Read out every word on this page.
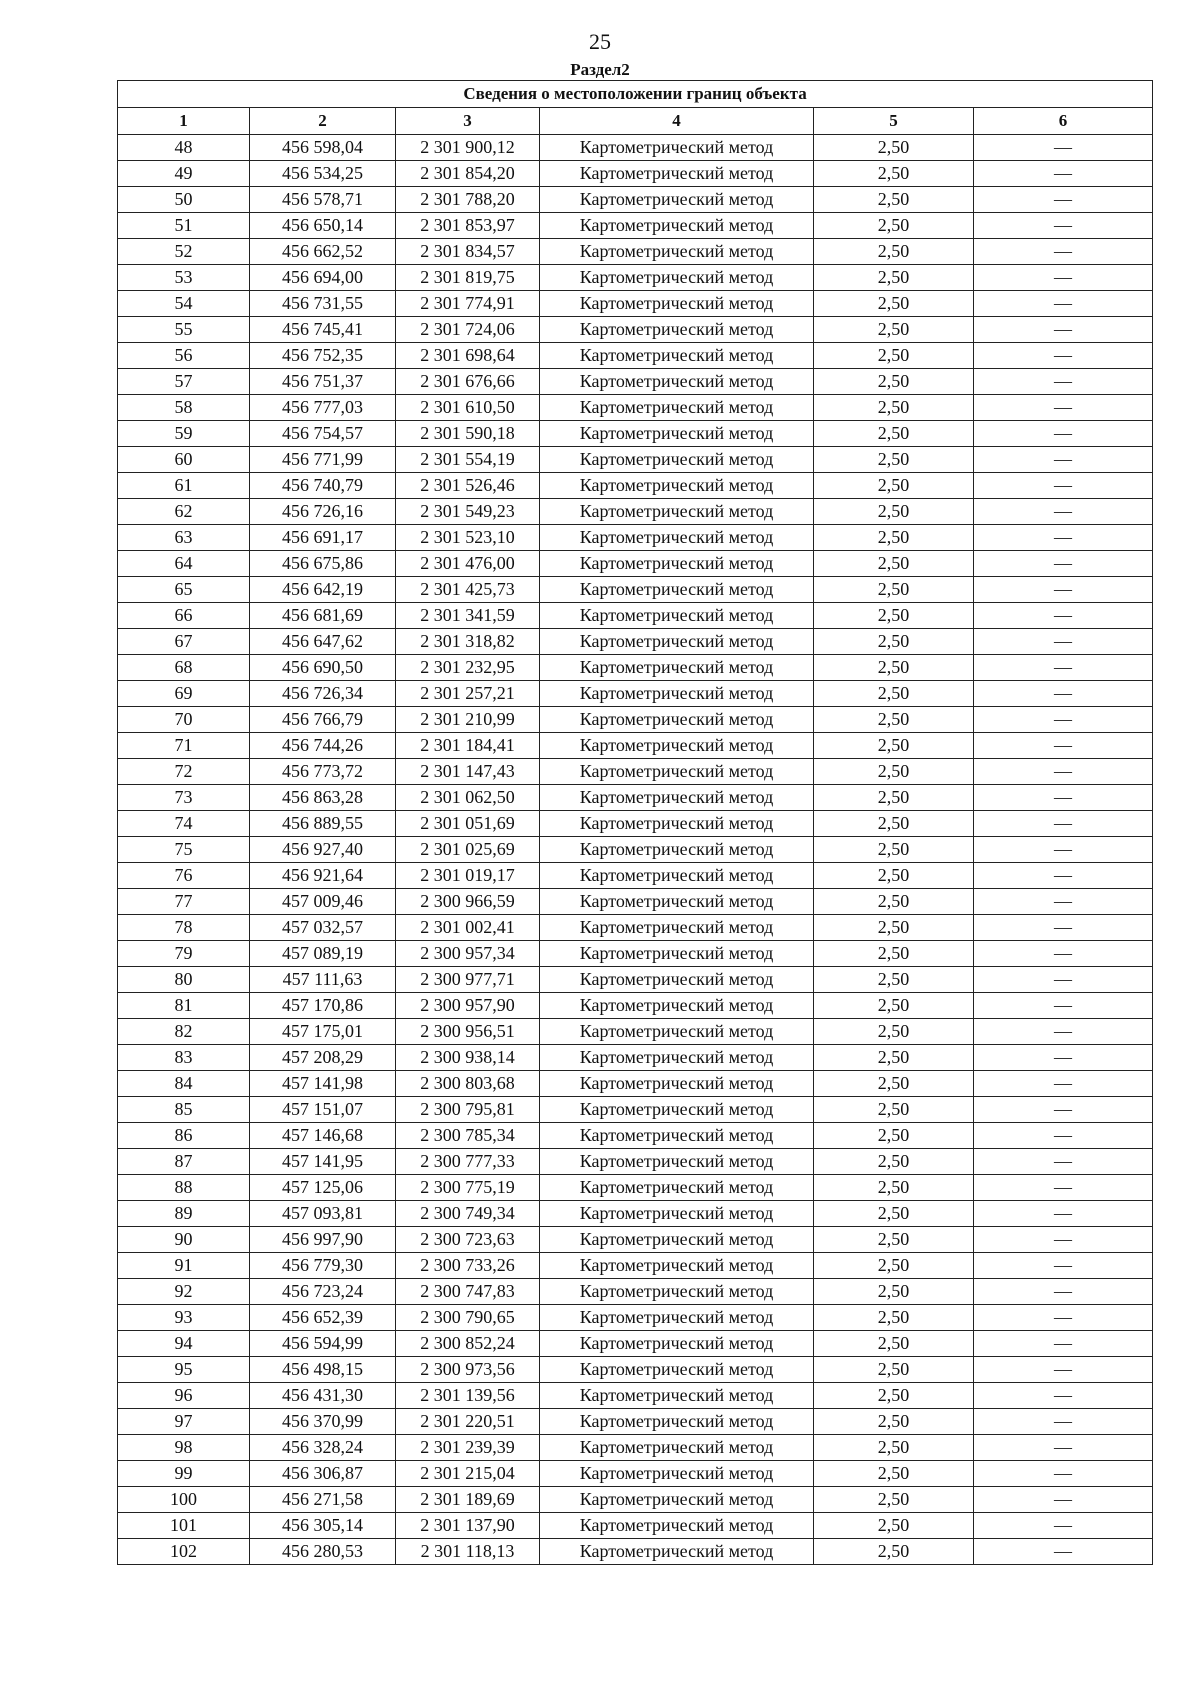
25
Раздел2
Сведения о местоположении границ объекта					
1	2	3	4	5	6
48	456 598,04	2 301 900,12	Картометрический метод	2,50	—
49	456 534,25	2 301 854,20	Картометрический метод	2,50	—
50	456 578,71	2 301 788,20	Картометрический метод	2,50	—
51	456 650,14	2 301 853,97	Картометрический метод	2,50	—
52	456 662,52	2 301 834,57	Картометрический метод	2,50	—
53	456 694,00	2 301 819,75	Картометрический метод	2,50	—
54	456 731,55	2 301 774,91	Картометрический метод	2,50	—
55	456 745,41	2 301 724,06	Картометрический метод	2,50	—
56	456 752,35	2 301 698,64	Картометрический метод	2,50	—
57	456 751,37	2 301 676,66	Картометрический метод	2,50	—
58	456 777,03	2 301 610,50	Картометрический метод	2,50	—
59	456 754,57	2 301 590,18	Картометрический метод	2,50	—
60	456 771,99	2 301 554,19	Картометрический метод	2,50	—
61	456 740,79	2 301 526,46	Картометрический метод	2,50	—
62	456 726,16	2 301 549,23	Картометрический метод	2,50	—
63	456 691,17	2 301 523,10	Картометрический метод	2,50	—
64	456 675,86	2 301 476,00	Картометрический метод	2,50	—
65	456 642,19	2 301 425,73	Картометрический метод	2,50	—
66	456 681,69	2 301 341,59	Картометрический метод	2,50	—
67	456 647,62	2 301 318,82	Картометрический метод	2,50	—
68	456 690,50	2 301 232,95	Картометрический метод	2,50	—
69	456 726,34	2 301 257,21	Картометрический метод	2,50	—
70	456 766,79	2 301 210,99	Картометрический метод	2,50	—
71	456 744,26	2 301 184,41	Картометрический метод	2,50	—
72	456 773,72	2 301 147,43	Картометрический метод	2,50	—
73	456 863,28	2 301 062,50	Картометрический метод	2,50	—
74	456 889,55	2 301 051,69	Картометрический метод	2,50	—
75	456 927,40	2 301 025,69	Картометрический метод	2,50	—
76	456 921,64	2 301 019,17	Картометрический метод	2,50	—
77	457 009,46	2 300 966,59	Картометрический метод	2,50	—
78	457 032,57	2 301 002,41	Картометрический метод	2,50	—
79	457 089,19	2 300 957,34	Картометрический метод	2,50	—
80	457 111,63	2 300 977,71	Картометрический метод	2,50	—
81	457 170,86	2 300 957,90	Картометрический метод	2,50	—
82	457 175,01	2 300 956,51	Картометрический метод	2,50	—
83	457 208,29	2 300 938,14	Картометрический метод	2,50	—
84	457 141,98	2 300 803,68	Картометрический метод	2,50	—
85	457 151,07	2 300 795,81	Картометрический метод	2,50	—
86	457 146,68	2 300 785,34	Картометрический метод	2,50	—
87	457 141,95	2 300 777,33	Картометрический метод	2,50	—
88	457 125,06	2 300 775,19	Картометрический метод	2,50	—
89	457 093,81	2 300 749,34	Картометрический метод	2,50	—
90	456 997,90	2 300 723,63	Картометрический метод	2,50	—
91	456 779,30	2 300 733,26	Картометрический метод	2,50	—
92	456 723,24	2 300 747,83	Картометрический метод	2,50	—
93	456 652,39	2 300 790,65	Картометрический метод	2,50	—
94	456 594,99	2 300 852,24	Картометрический метод	2,50	—
95	456 498,15	2 300 973,56	Картометрический метод	2,50	—
96	456 431,30	2 301 139,56	Картометрический метод	2,50	—
97	456 370,99	2 301 220,51	Картометрический метод	2,50	—
98	456 328,24	2 301 239,39	Картометрический метод	2,50	—
99	456 306,87	2 301 215,04	Картометрический метод	2,50	—
100	456 271,58	2 301 189,69	Картометрический метод	2,50	—
101	456 305,14	2 301 137,90	Картометрический метод	2,50	—
102	456 280,53	2 301 118,13	Картометрический метод	2,50	—
